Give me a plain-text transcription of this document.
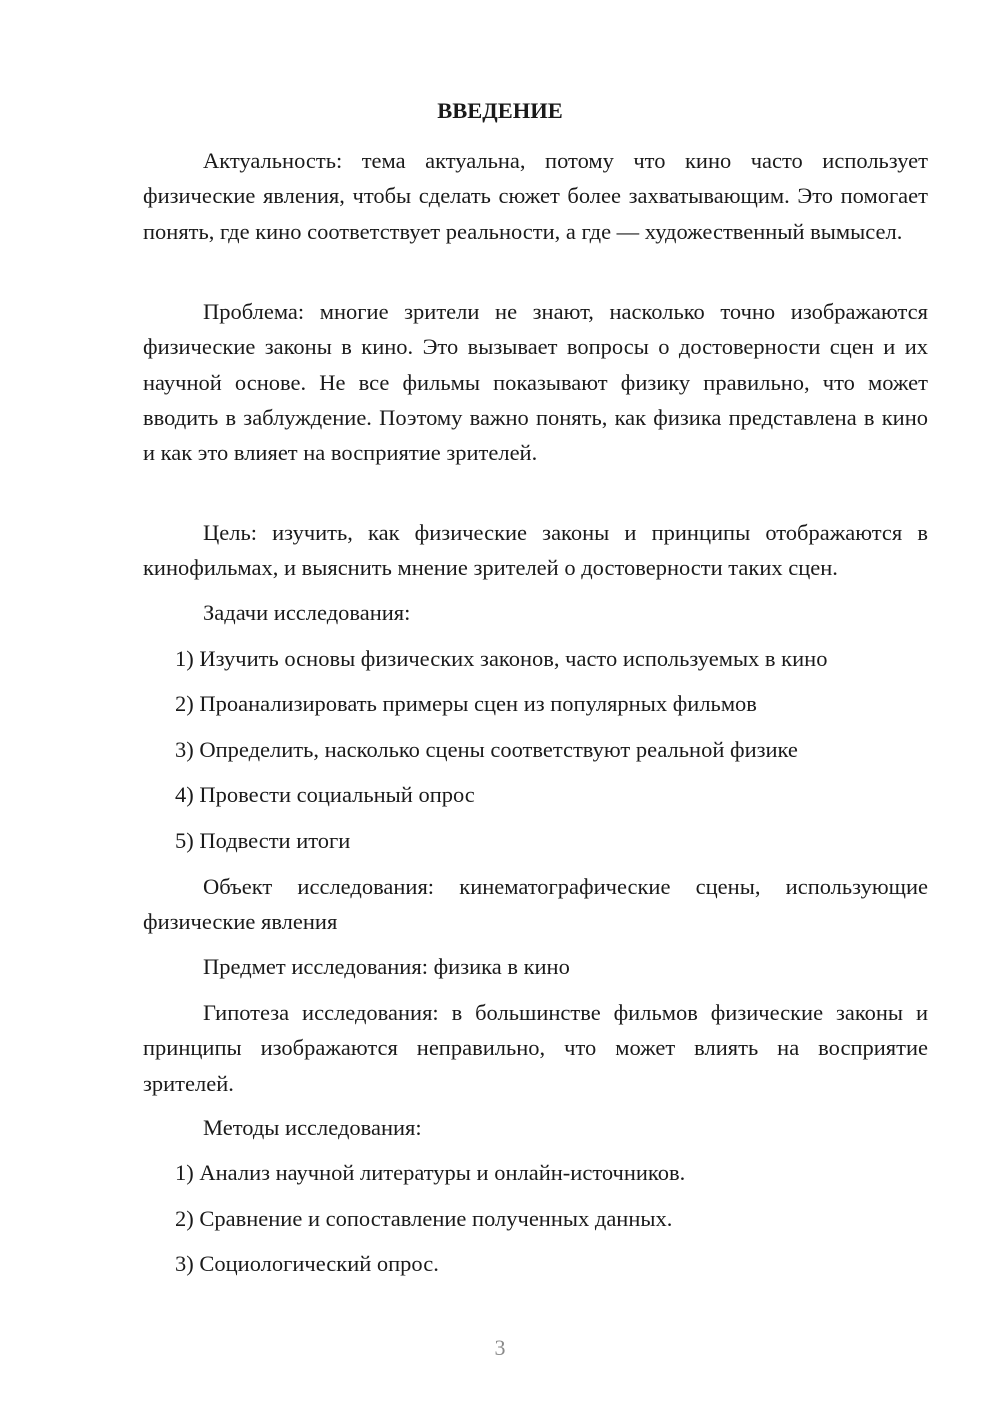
ВВЕДЕНИЕ

Актуальность: тема актуальна, потому что кино часто использует физические явления, чтобы сделать сюжет более захватывающим. Это помогает понять, где кино соответствует реальности, а где — художественный вымысел.

Проблема: многие зрители не знают, насколько точно изображаются физические законы в кино. Это вызывает вопросы о достоверности сцен и их научной основе. Не все фильмы показывают физику правильно, что может вводить в заблуждение. Поэтому важно понять, как физика представлена в кино и как это влияет на восприятие зрителей.

Цель: изучить, как физические законы и принципы отображаются в кинофильмах, и выяснить мнение зрителей о достоверности таких сцен.

Задачи исследования:

1) Изучить основы физических законов, часто используемых в кино

2) Проанализировать примеры сцен из популярных фильмов

3) Определить, насколько сцены соответствуют реальной физике

4) Провести социальный опрос

5) Подвести итоги

Объект исследования: кинематографические сцены, использующие физические явления

Предмет исследования: физика в кино

Гипотеза исследования: в большинстве фильмов физические законы и принципы изображаются неправильно, что может влиять на восприятие зрителей.

Методы исследования:

1) Анализ научной литературы и онлайн-источников.

2) Сравнение и сопоставление полученных данных.

3) Социологический опрос.

3
